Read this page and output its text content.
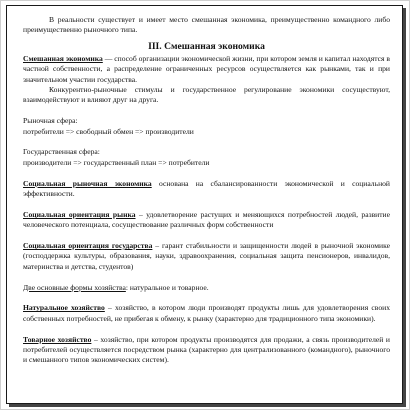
В реальности существует и имеет место смешанная экономика, преимущественно командного либо преимущественно рыночного типа.

III. Смешанная экономика

Смешанная экономика — способ организации экономической жизни, при котором земля и капитал находятся в частной собственности, а распределение ограниченных ресурсов осуществляется как рынками, так и при значительном участии государства.

Конкурентно-рыночные стимулы и государственное регулирование экономики сосуществуют, взаимодействуют и влияют друг на друга.

Рыночная сфера:

потребители => свободный обмен => производители

Государственная сфера:

производители => государственный план => потребители

Социальная рыночная экономика основана на сбалансированности экономической и социальной эффективности.

Социальная ориентация рынка – удовлетворение растущих и меняющихся потребностей людей, развитие человеческого потенциала, сосуществование различных форм собственности

Социальная ориентация государства – гарант стабильности и защищенности людей в рыночной экономике (господдержка культуры, образования, науки, здравоохранения, социальная защита пенсионеров, инвалидов, материнства и детства, студентов)

Две основные формы хозяйства: натуральное и товарное.

Натуральное хозяйство – хозяйство, в котором люди производят продукты лишь для удовлетворения своих собственных потребностей, не прибегая к обмену, к рынку (характерно для традиционного типа экономики).

Товарное хозяйство – хозяйство, при котором продукты производятся для продажи, а связь производителей и потребителей осуществляется посредством рынка (характерно для централизованного (командного), рыночного и смешанного типов экономических систем).
